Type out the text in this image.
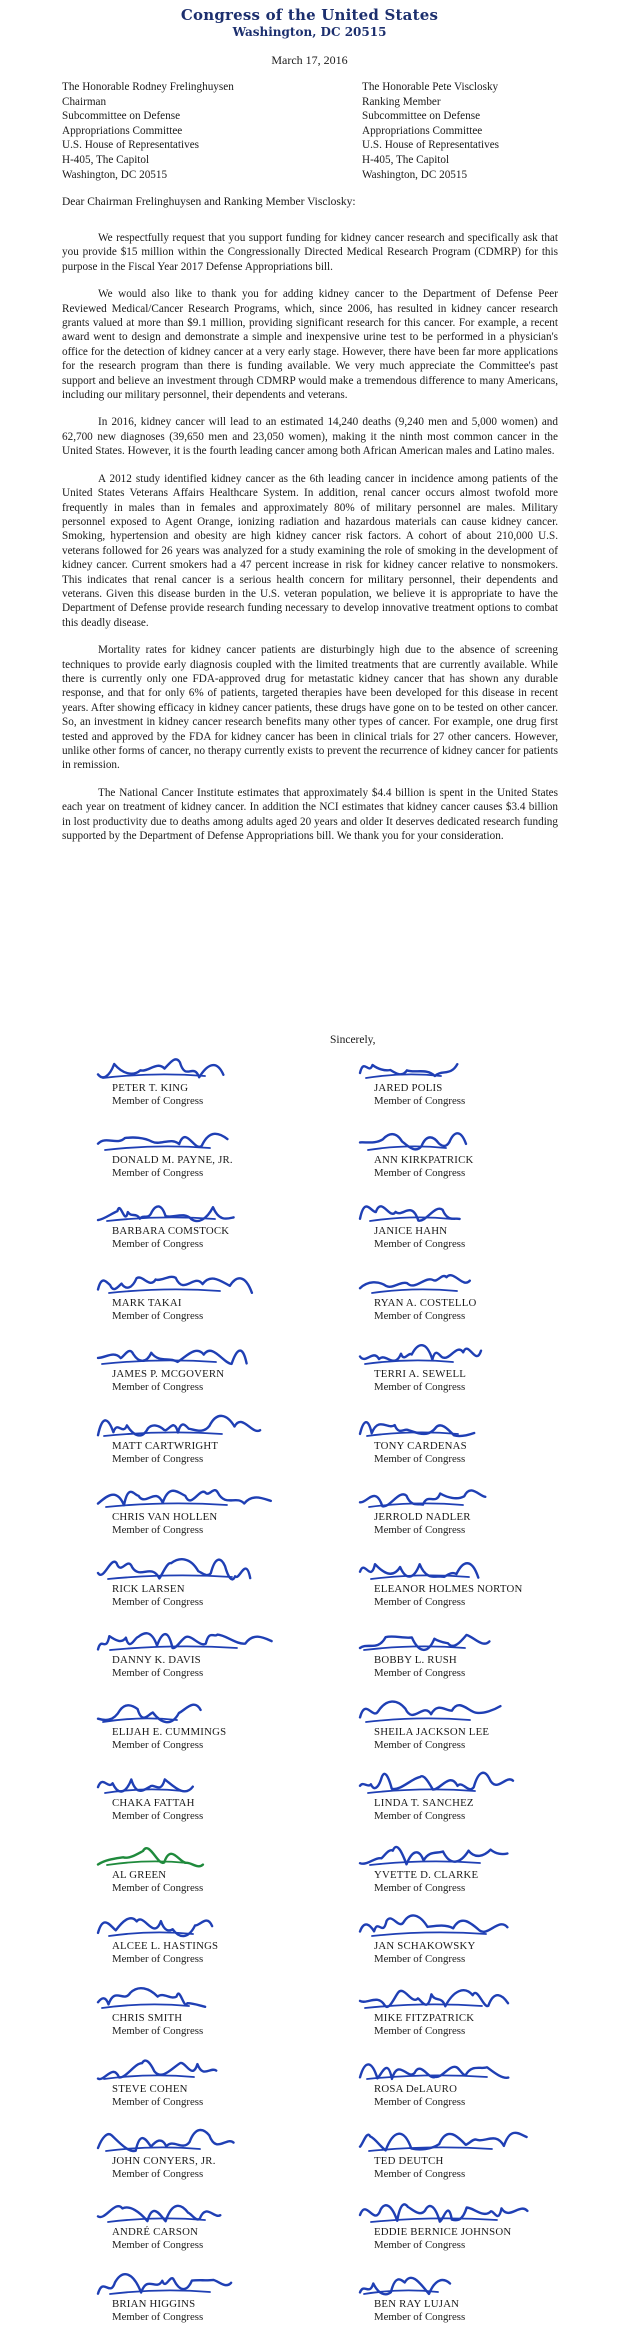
Congress of the United States
Washington, DC 20515
March 17, 2016
The Honorable Rodney Frelinghuysen
Chairman
Subcommittee on Defense
Appropriations Committee
U.S. House of Representatives
H-405, The Capitol
Washington, DC 20515
The Honorable Pete Visclosky
Ranking Member
Subcommittee on Defense
Appropriations Committee
U.S. House of Representatives
H-405, The Capitol
Washington, DC 20515
Dear Chairman Frelinghuysen and Ranking Member Visclosky:

We respectfully request that you support funding for kidney cancer research and specifically ask that you provide $15 million within the Congressionally Directed Medical Research Program (CDMRP) for this purpose in the Fiscal Year 2017 Defense Appropriations bill.

We would also like to thank you for adding kidney cancer to the Department of Defense Peer Reviewed Medical/Cancer Research Programs, which, since 2006, has resulted in kidney cancer research grants valued at more than $9.1 million, providing significant research for this cancer. For example, a recent award went to design and demonstrate a simple and inexpensive urine test to be performed in a physician's office for the detection of kidney cancer at a very early stage. However, there have been far more applications for the research program than there is funding available. We very much appreciate the Committee's past support and believe an investment through CDMRP would make a tremendous difference to many Americans, including our military personnel, their dependents and veterans.

In 2016, kidney cancer will lead to an estimated 14,240 deaths (9,240 men and 5,000 women) and 62,700 new diagnoses (39,650 men and 23,050 women), making it the ninth most common cancer in the United States. However, it is the fourth leading cancer among both African American males and Latino males.

A 2012 study identified kidney cancer as the 6th leading cancer in incidence among patients of the United States Veterans Affairs Healthcare System. In addition, renal cancer occurs almost twofold more frequently in males than in females and approximately 80% of military personnel are males. Military personnel exposed to Agent Orange, ionizing radiation and hazardous materials can cause kidney cancer. Smoking, hypertension and obesity are high kidney cancer risk factors. A cohort of about 210,000 U.S. veterans followed for 26 years was analyzed for a study examining the role of smoking in the development of kidney cancer. Current smokers had a 47 percent increase in risk for kidney cancer relative to nonsmokers. This indicates that renal cancer is a serious health concern for military personnel, their dependents and veterans. Given this disease burden in the U.S. veteran population, we believe it is appropriate to have the Department of Defense provide research funding necessary to develop innovative treatment options to combat this deadly disease.

Mortality rates for kidney cancer patients are disturbingly high due to the absence of screening techniques to provide early diagnosis coupled with the limited treatments that are currently available. While there is currently only one FDA-approved drug for metastatic kidney cancer that has shown any durable response, and that for only 6% of patients, targeted therapies have been developed for this disease in recent years. After showing efficacy in kidney cancer patients, these drugs have gone on to be tested on other cancer. So, an investment in kidney cancer research benefits many other types of cancer. For example, one drug first tested and approved by the FDA for kidney cancer has been in clinical trials for 27 other cancers. However, unlike other forms of cancer, no therapy currently exists to prevent the recurrence of kidney cancer for patients in remission.

The National Cancer Institute estimates that approximately $4.4 billion is spent in the United States each year on treatment of kidney cancer. In addition the NCI estimates that kidney cancer causes $3.4 billion in lost productivity due to deaths among adults aged 20 years and older It deserves dedicated research funding supported by the Department of Defense Appropriations bill. We thank you for your consideration.

Sincerely,
PETER T. KING
Member of Congress
JARED POLIS
Member of Congress
DONALD M. PAYNE, JR.
Member of Congress
ANN KIRKPATRICK
Member of Congress
BARBARA COMSTOCK
Member of Congress
JANICE HAHN
Member of Congress
MARK TAKAI
Member of Congress
RYAN A. COSTELLO
Member of Congress
JAMES P. MCGOVERN
Member of Congress
TERRI A. SEWELL
Member of Congress
MATT CARTWRIGHT
Member of Congress
TONY CARDENAS
Member of Congress
CHRIS VAN HOLLEN
Member of Congress
JERROLD NADLER
Member of Congress
RICK LARSEN
Member of Congress
ELEANOR HOLMES NORTON
Member of Congress
DANNY K. DAVIS
Member of Congress
BOBBY L. RUSH
Member of Congress
ELIJAH E. CUMMINGS
Member of Congress
SHEILA JACKSON LEE
Member of Congress
CHAKA FATTAH
Member of Congress
LINDA T. SANCHEZ
Member of Congress
AL GREEN
Member of Congress
YVETTE D. CLARKE
Member of Congress
ALCEE L. HASTINGS
Member of Congress
JAN SCHAKOWSKY
Member of Congress
CHRIS SMITH
Member of Congress
MIKE FITZPATRICK
Member of Congress
STEVE COHEN
Member of Congress
ROSA DeLAURO
Member of Congress
JOHN CONYERS, JR.
Member of Congress
TED DEUTCH
Member of Congress
ANDRÉ CARSON
Member of Congress
EDDIE BERNICE JOHNSON
Member of Congress
BRIAN HIGGINS
Member of Congress
BEN RAY LUJAN
Member of Congress
